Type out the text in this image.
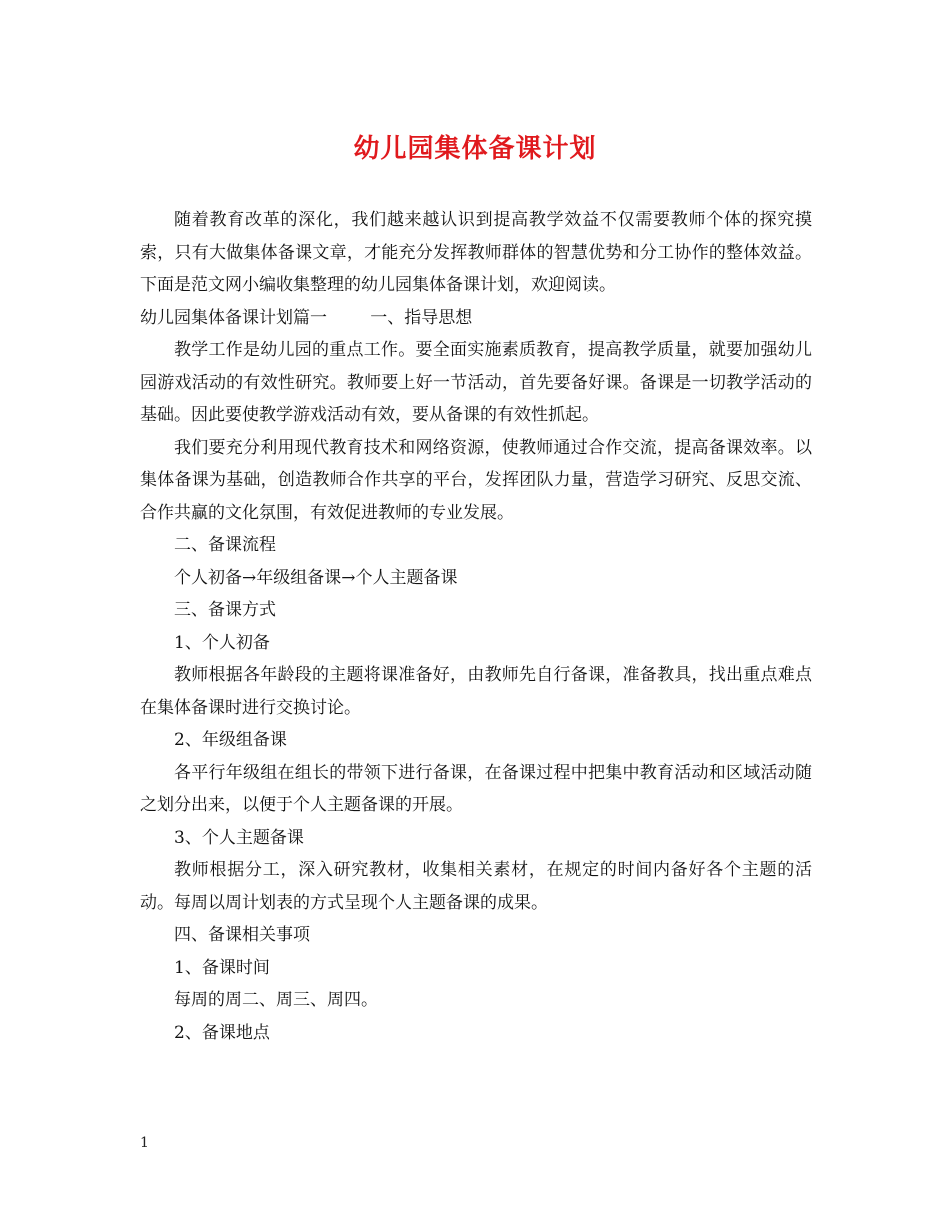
幼儿园集体备课计划

随着教育改革的深化，我们越来越认识到提高教学效益不仅需要教师个体的探究摸索，只有大做集体备课文章，才能充分发挥教师群体的智慧优势和分工协作的整体效益。下面是范文网小编收集整理的幼儿园集体备课计划，欢迎阅读。

幼儿园集体备课计划篇一        一、指导思想

教学工作是幼儿园的重点工作。要全面实施素质教育，提高教学质量，就要加强幼儿园游戏活动的有效性研究。教师要上好一节活动，首先要备好课。备课是一切教学活动的基础。因此要使教学游戏活动有效，要从备课的有效性抓起。

我们要充分利用现代教育技术和网络资源，使教师通过合作交流，提高备课效率。以集体备课为基础，创造教师合作共享的平台，发挥团队力量，营造学习研究、反思交流、合作共赢的文化氛围，有效促进教师的专业发展。

二、备课流程

个人初备→年级组备课→个人主题备课

三、备课方式

1、个人初备

教师根据各年龄段的主题将课准备好，由教师先自行备课，准备教具，找出重点难点在集体备课时进行交换讨论。

2、年级组备课

各平行年级组在组长的带领下进行备课，在备课过程中把集中教育活动和区域活动随之划分出来，以便于个人主题备课的开展。

3、个人主题备课

教师根据分工，深入研究教材，收集相关素材，在规定的时间内备好各个主题的活动。每周以周计划表的方式呈现个人主题备课的成果。

四、备课相关事项

1、备课时间

每周的周二、周三、周四。

2、备课地点

1
